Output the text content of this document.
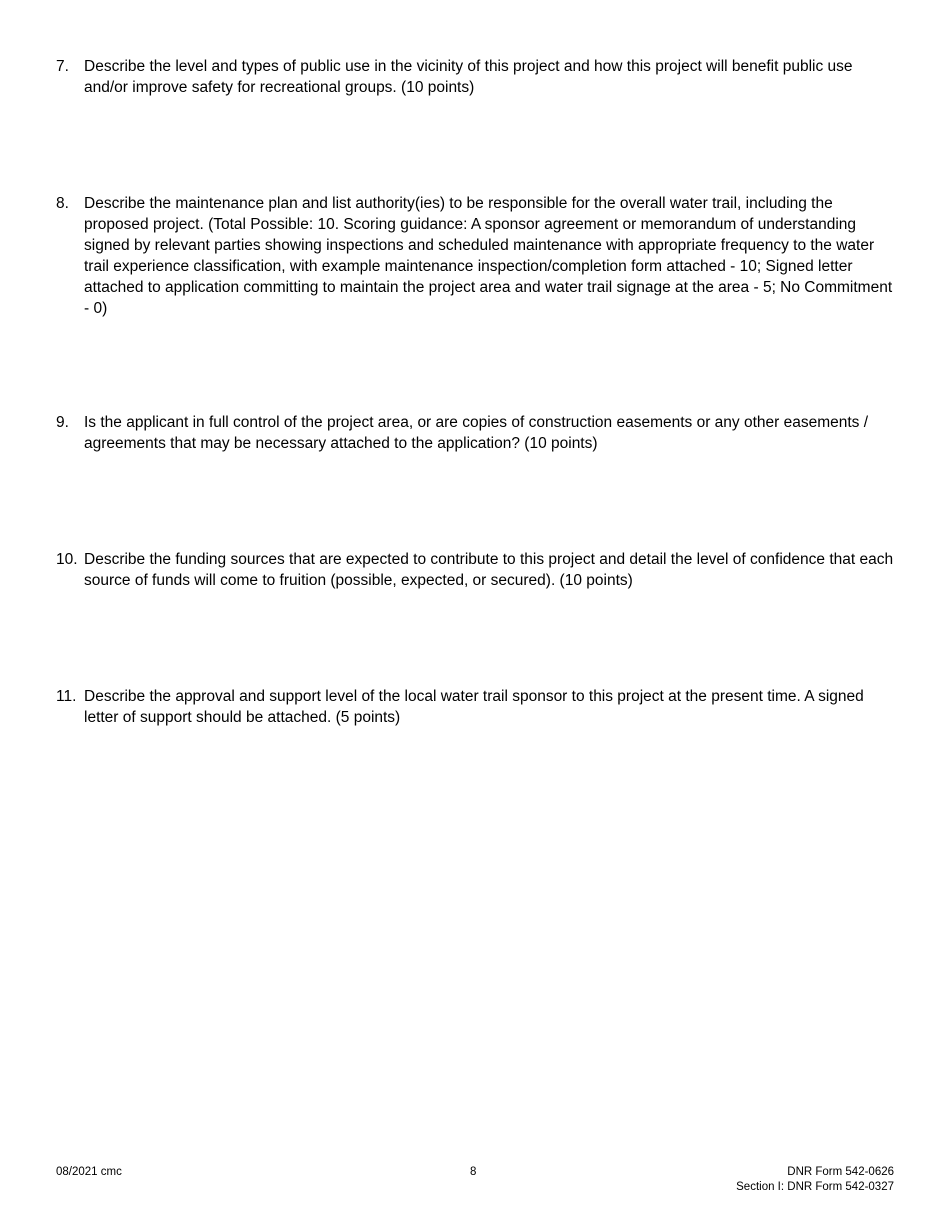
7. Describe the level and types of public use in the vicinity of this project and how this project will benefit public use and/or improve safety for recreational groups. (10 points)
8. Describe the maintenance plan and list authority(ies) to be responsible for the overall water trail, including the proposed project. (Total Possible: 10. Scoring guidance: A sponsor agreement or memorandum of understanding signed by relevant parties showing inspections and scheduled maintenance with appropriate frequency to the water trail experience classification, with example maintenance inspection/completion form attached - 10; Signed letter attached to application committing to maintain the project area and water trail signage at the area - 5; No Commitment - 0)
9. Is the applicant in full control of the project area, or are copies of construction easements or any other easements / agreements that may be necessary attached to the application? (10 points)
10. Describe the funding sources that are expected to contribute to this project and detail the level of confidence that each source of funds will come to fruition (possible, expected, or secured). (10 points)
11. Describe the approval and support level of the local water trail sponsor to this project at the present time. A signed letter of support should be attached. (5 points)
08/2021 cmc	8	DNR Form 542-0626
Section I: DNR Form 542-0327
